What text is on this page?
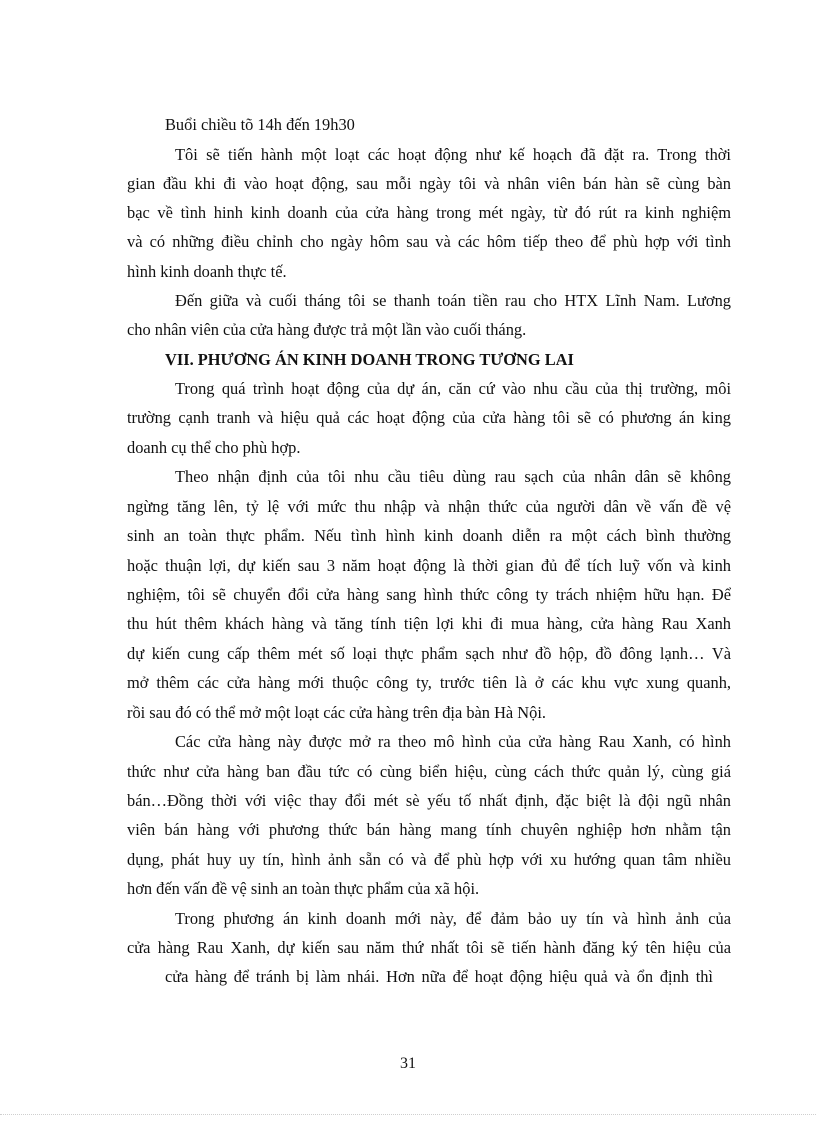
Buổi chiều tõ 14h đến 19h30
Tôi sẽ tiến hành một loạt các hoạt động như kế hoạch đã đặt ra. Trong thời
gian đầu khi đi vào hoạt động, sau mỗi ngày tôi và nhân viên bán hàn sẽ cùng bàn
bạc về tình hinh kinh doanh của cửa hàng trong mét ngày, từ đó rút ra kinh nghiệm
và có những điều chỉnh cho ngày hôm sau và các hôm tiếp theo để phù hợp với tình
hình kinh doanh thực tế.
Đến giữa và cuối tháng tôi se thanh toán tiền rau cho HTX Lĩnh Nam. Lương
cho nhân viên của cửa hàng được trả một lần vào cuối tháng.
VII. PHƯƠNG ÁN KINH DOANH TRONG TƯƠNG LAI
Trong quá trình hoạt động của dự án, căn cứ vào nhu cầu của thị trường, môi
trường cạnh tranh và hiệu quả các hoạt động của cửa hàng tôi sẽ có phương án king
doanh cụ thể cho phù hợp.
Theo nhận định của tôi nhu cầu tiêu dùng rau sạch của nhân dân sẽ không
ngừng tăng lên, tỷ lệ với mức thu nhập và nhận thức của người dân về vấn đề vệ
sinh an toàn thực phẩm. Nếu tình hình kinh doanh diễn ra một cách bình thường
hoặc thuận lợi, dự kiến sau 3 năm hoạt động là thời gian đủ để tích luỹ vốn và kinh
nghiệm, tôi sẽ chuyển đổi cửa hàng sang hình thức công ty trách nhiệm hữu hạn. Để
thu hút thêm khách hàng và tăng tính tiện lợi khi đi mua hàng, cửa hàng Rau Xanh
dự kiến cung cấp thêm mét số loại thực phẩm sạch như đồ hộp, đồ đông lạnh… Và
mở thêm các cửa hàng mới thuộc công ty, trước tiên là ở các khu vực xung quanh,
rồi sau đó có thể mở một loạt các cửa hàng trên địa bàn Hà Nội.
Các cửa hàng này được mở ra theo mô hình của cửa hàng Rau Xanh, có hình
thức như cửa hàng ban đầu tức có cùng biển hiệu, cùng cách thức quản lý, cùng giá
bán…Đồng thời với việc thay đổi mét sè yếu tố nhất định, đặc biệt là đội ngũ nhân
viên bán hàng với phương thức bán hàng mang tính chuyên nghiệp hơn nhằm tận
dụng, phát huy uy tín, hình ảnh sẵn có và để phù hợp với xu hướng quan tâm nhiều
hơn đến vấn đề vệ sinh an toàn thực phẩm của xã hội.
Trong phương án kinh doanh mới này, để đảm bảo uy tín và hình ảnh của
cửa hàng Rau Xanh, dự kiến sau năm thứ nhất tôi sẽ tiến hành đăng ký tên hiệu của
cửa hàng để tránh bị làm nhái. Hơn nữa để hoạt động hiệu quả và ổn định thì
31
